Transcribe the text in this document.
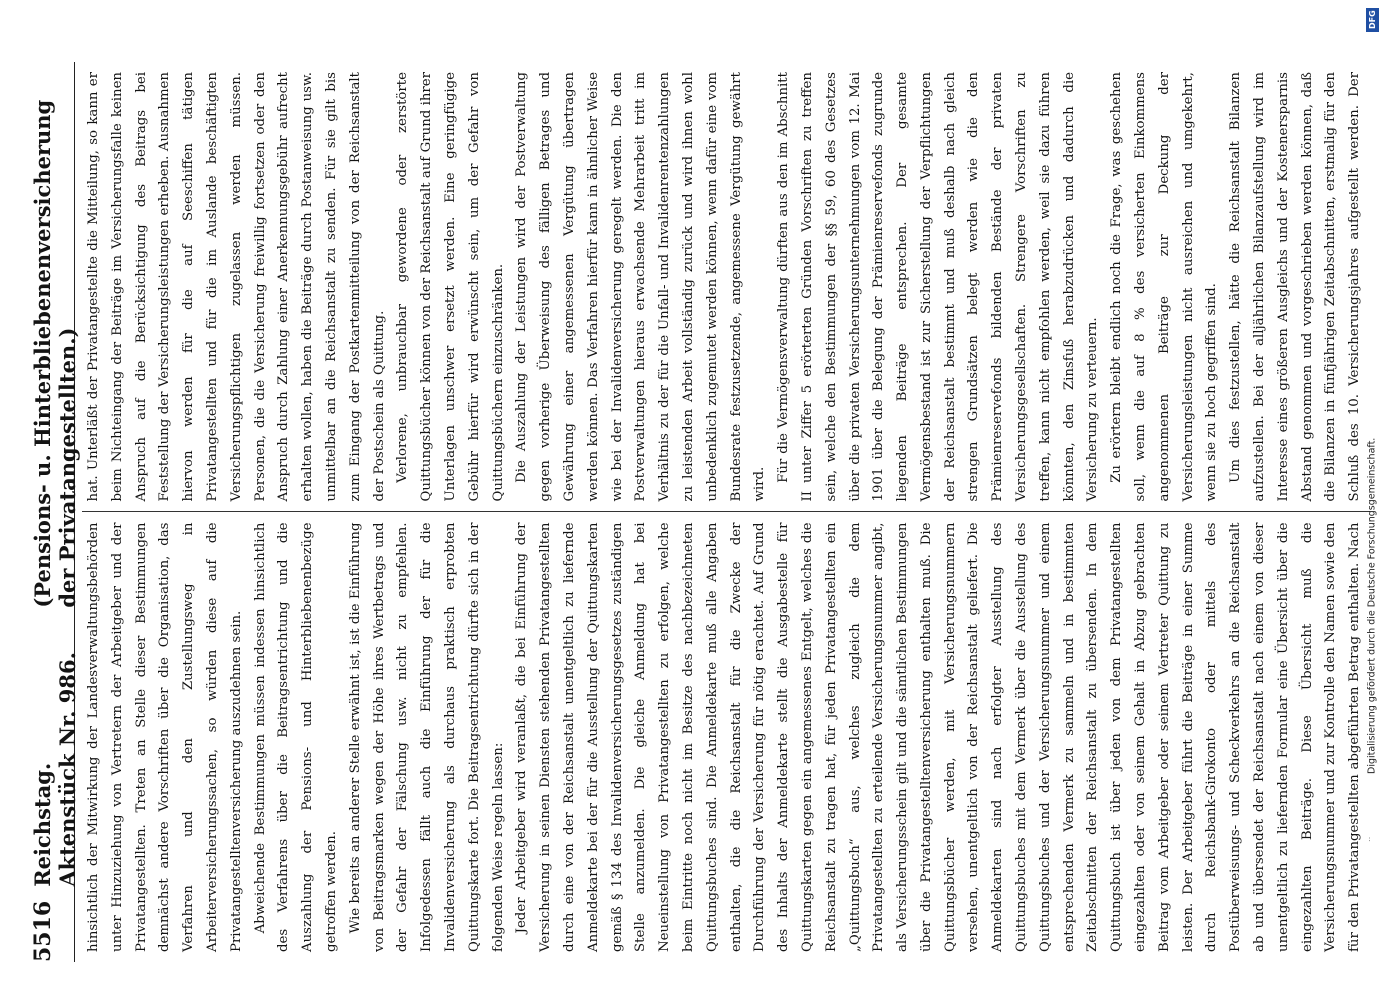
5516
Reichstag. Aktenstück Nr. 986.
(Pensions- u. Hinterbliebenenversicherung der Privatangestellten.)

hinsichtlich der Mitwirkung der Landesverwaltungsbehörden unter Hinzuziehung von Vertretern der Arbeitgeber und der Privatangestellten. Treten an Stelle dieser Bestimmungen demnächst andere Vorschriften über die Organisation, das Verfahren und den Zustellungsweg in Arbeiterversicherungssachen, so würden diese auf die Privatangestelltenversicherung auszudehnen sein. Abweichende Bestimmungen müssen indessen hinsichtlich des Verfahrens über die Beitragsentrichtung und die Auszahlung der Pensions- und Hinterbliebenenbezüge getroffen werden. Wie bereits an anderer Stelle erwähnt ist, ist die Einführung von Beitragsmarken wegen der Höhe ihres Wertbetrags und der Gefahr der Fälschung usw. nicht zu empfehlen. Infolgedessen fällt auch die Einführung der für die Invalidenversicherung als durchaus praktisch erprobten Quittungskarte fort. Die Beitragsentrichtung dürfte sich in der folgenden Weise regeln lassen: Jeder Arbeitgeber wird veranlaßt, die bei Einführung der Versicherung in seinen Diensten stehenden Privatangestellten durch eine von der Reichsanstalt unentgeltlich zu liefernde Anmeldekarte bei der für die Ausstellung der Quittungskarten gemäß § 134 des Invalidenversicherungsgesetzes zuständigen Stelle anzumelden. Die gleiche Anmeldung hat bei Neueinstellung von Privatangestellten zu erfolgen, welche beim Eintritte noch nicht im Besitze des nachbezeichneten Quittungsbuches sind. Die Anmeldekarte muß alle Angaben enthalten, die die Reichsanstalt für die Zwecke der Durchführung der Versicherung für nötig erachtet. Auf Grund des Inhalts der Anmeldekarte stellt die Ausgabestelle für Quittungskarten gegen ein angemessenes Entgelt, welches die Reichsanstalt zu tragen hat, für jeden Privatangestellten ein „Quittungsbuch“ aus, welches zugleich die dem Privatangestellten zu erteilende Versicherungsnummer angibt, als Versicherungsschein gilt und die sämtlichen Bestimmungen über die Privatangestelltenversicherung enthalten muß. Die Quittungsbücher werden, mit Versicherungsnummern versehen, unentgeltlich von der Reichsanstalt geliefert. Die Anmeldekarten sind nach erfolgter Ausstellung des Quittungsbuches mit dem Vermerk über die Ausstellung des Quittungsbuches und der Versicherungsnummer und einem entsprechenden Vermerk zu sammeln und in bestimmten Zeitabschnitten der Reichsanstalt zu übersenden. In dem Quittungsbuch ist über jeden von dem Privatangestellten eingezahlten oder von seinem Gehalt in Abzug gebrachten Beitrag vom Arbeitgeber oder seinem Vertreter Quittung zu leisten. Der Arbeitgeber führt die Beiträge in einer Summe durch Reichsbank-Girokonto oder mittels des Postüberweisungs- und Scheckverkehrs an die Reichsanstalt ab und übersendet der Reichsanstalt nach einem von dieser unentgeltlich zu liefernden Formular eine Übersicht über die eingezahlten Beiträge. Diese Übersicht muß die Versicherungsnummer und zur Kontrolle den Namen sowie den für den Privatangestellten abgeführten Betrag enthalten. Nach

hat. Unterläßt der Privatangestellte die Mitteilung, so kann er beim Nichteingang der Beiträge im Versicherungsfalle keinen Anspruch auf die Berücksichtigung des Beitrags bei Feststellung der Versicherungsleistungen erheben. Ausnahmen hiervon werden für die auf Seeschiffen tätigen Privatangestellten und für die im Auslande beschäftigten Versicherungspflichtigen zugelassen werden müssen. Personen, die die Versicherung freiwillig fortsetzen oder den Anspruch durch Zahlung einer Anerkennungsgebühr aufrecht erhalten wollen, haben die Beiträge durch Postanweisung usw. unmittelbar an die Reichsanstalt zu senden. Für sie gilt bis zum Eingang der Postkartenmitteilung von der Reichsanstalt der Postschein als Quittung. Verlorene, unbrauchbar gewordene oder zerstörte Quittungsbücher können von der Reichsanstalt auf Grund ihrer Unterlagen unschwer ersetzt werden. Eine geringfügige Gebühr hierfür wird erwünscht sein, um der Gefahr von Quittungsbüchern einzuschränken. Die Auszahlung der Leistungen wird der Postverwaltung gegen vorherige Überweisung des fälligen Betrages und Gewährung einer angemessenen Vergütung übertragen werden können. Das Verfahren hierfür kann in ähnlicher Weise wie bei der Invalidenversicherung geregelt werden. Die den Postverwaltungen hieraus erwachsende Mehrarbeit tritt im Verhältnis zu der für die Unfall- und Invalidenrentenzahlungen zu leistenden Arbeit vollständig zurück und wird ihnen wohl unbedenklich zugemutet werden können, wenn dafür eine vom Bundesrate festzusetzende, angemessene Vergütung gewährt wird.

Für die Vermögensverwaltung dürften aus den im Abschnitt II unter Ziffer 5 erörterten Gründen Vorschriften zu treffen sein, welche den Bestimmungen der §§ 59, 60 des Gesetzes über die privaten Versicherungsunternehmungen vom 12. Mai 1901 über die Belegung der Prämienreservefonds zugrunde liegenden Beiträge entsprechen. Der gesamte Vermögensbestand ist zur Sicherstellung der Verpflichtungen der Reichsanstalt bestimmt und muß deshalb nach gleich strengen Grundsätzen belegt werden wie die den Prämienreservefonds bildenden Bestände der privaten Versicherungsgesellschaften. Strengere Vorschriften zu treffen, kann nicht empfohlen werden, weil sie dazu führen könnten, den Zinsfuß herabzudrücken und dadurch die Versicherung zu verteuern. Zu erörtern bleibt endlich noch die Frage, was geschehen soll, wenn die auf 8 % des versicherten Einkommens angenommenen Beiträge zur Deckung der Versicherungsleistungen nicht ausreichen und umgekehrt, wenn sie zu hoch gegriffen sind. Um dies festzustellen, hätte die Reichsanstalt Bilanzen aufzustellen. Bei der alljährlichen Bilanzaufstellung wird im Interesse eines größeren Ausgleichs und der Kostenersparnis Abstand genommen und vorgeschrieben werden können, daß die Bilanzen in fünfjährigen Zeitabschnitten, erstmalig für den Schluß des 10. Versicherungsjahres aufgestellt werden. Der

DFG
Digitalisierung gefördert durch die Deutsche Forschungsgemeinschaft.
